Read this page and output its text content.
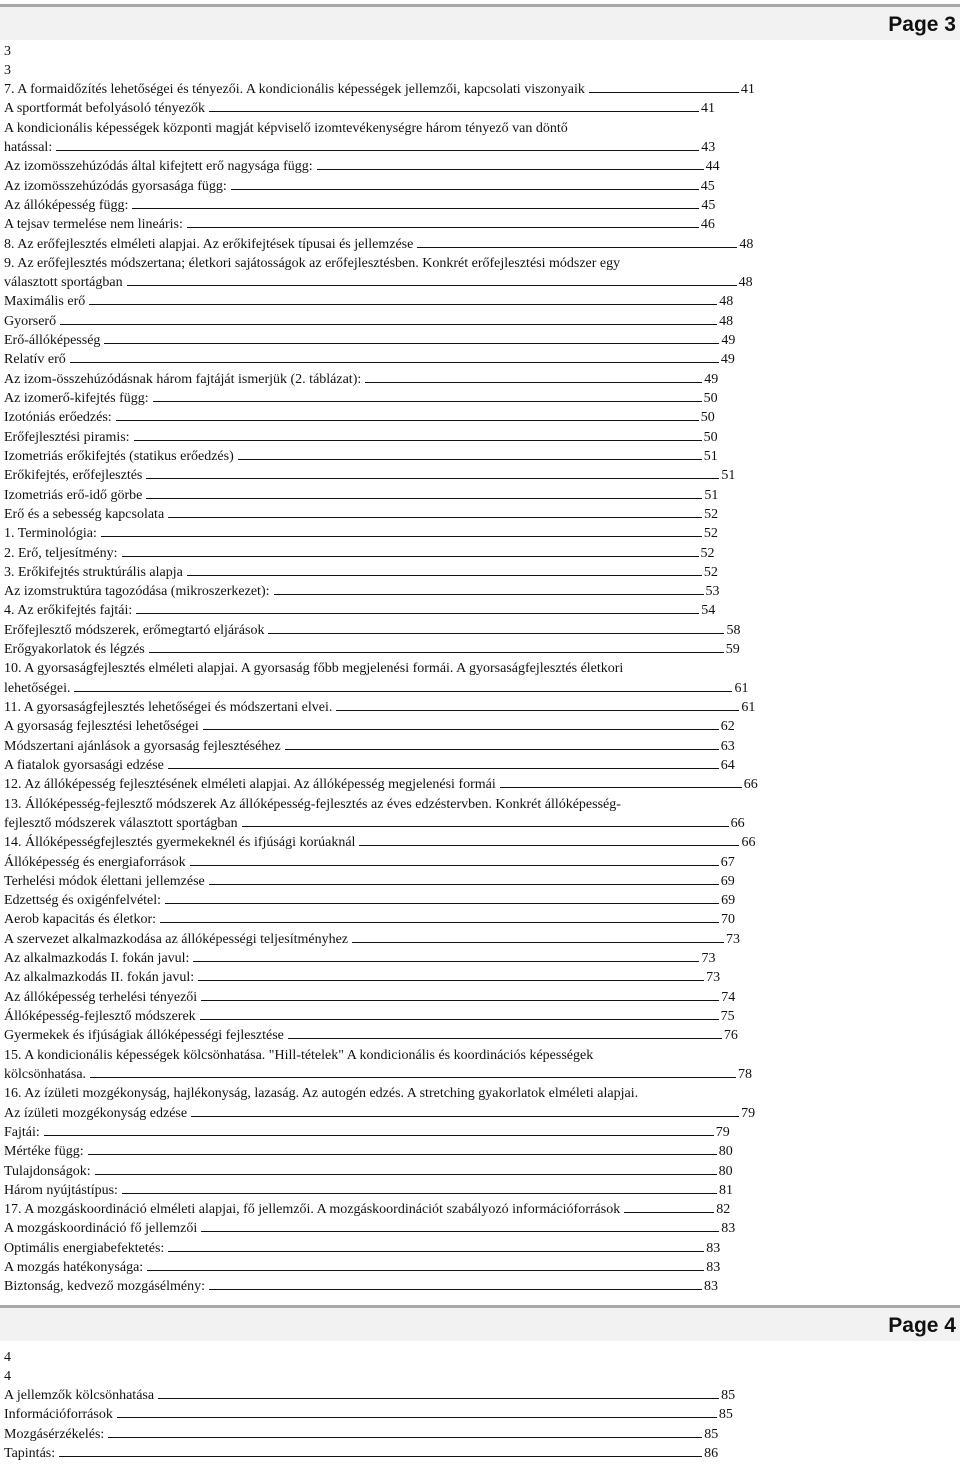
Page 3
3
3
7. A formaidőzítés lehetőségei és tényezői. A kondicionális képességek jellemzői, kapcsolati viszonyaik	41
A sportformát befolyásoló tényezők	41
A kondicionális képességek központi magját képviselő izomtevékenységre három tényező van döntő
hatással:	43
Az izomösszehúzódás által kifejtett erő nagysága függ:	44
Az izomösszehúzódás gyorsasága függ:	45
Az állóképesség függ:	45
A tejsav termelése nem lineáris:	46
8. Az erőfejlesztés elméleti alapjai. Az erőkifejtések típusai és jellemzése	48
9. Az erőfejlesztés módszertana; életkori sajátosságok az erőfejlesztésben. Konkrét erőfejlesztési módszer egy
választott sportágban	48
Maximális erő	48
Gyorserő	48
Erő-állóképesség	49
Relatív erő	49
Az izom-összehúzódásnak három fajtáját ismerjük (2. táblázat):	49
Az izomerő-kifejtés függ:	50
Izotóniás erőedzés:	50
Erőfejlesztési piramis:	50
Izometriás erőkifejtés (statikus erőedzés)	51
Erőkifejtés, erőfejlesztés	51
Izometriás erő-idő görbe	51
Erő és a sebesség kapcsolata	52
1. Terminológia:	52
2. Erő, teljesítmény:	52
3. Erőkifejtés struktúrális alapja	52
Az izomstruktúra tagozódása (mikroszerkezet):	53
4. Az erőkifejtés fajtái:	54
Erőfejlesztő módszerek, erőmegtartó eljárások	58
Erőgyakorlatok és légzés	59
10. A gyorsaságfejlesztés elméleti alapjai. A gyorsaság főbb megjelenési formái. A gyorsaságfejlesztés életkori
lehetőségei.	61
11. A gyorsaságfejlesztés lehetőségei és módszertani elvei.	61
A gyorsaság fejlesztési lehetőségei	62
Módszertani ajánlások a gyorsaság fejlesztéséhez	63
A fiatalok gyorsasági edzése	64
12. Az állóképesség fejlesztésének elméleti alapjai. Az állóképesség megjelenési formái	66
13. Állóképesség-fejlesztő módszerek Az állóképesség-fejlesztés az éves edzéstervben. Konkrét állóképesség-
fejlesztő módszerek választott sportágban	66
14. Állóképességfejlesztés gyermekeknél és ifjúsági korúaknál	66
Állóképesség és energiaforrások	67
Terhelési módok élettani jellemzése	69
Edzettség és oxigénfelvétel:	69
Aerob kapacitás és életkor:	70
A szervezet alkalmazkodása az állóképességi teljesítményhez	73
Az alkalmazkodás I. fokán javul:	73
Az alkalmazkodás II. fokán javul:	73
Az állóképesség terhelési tényezői	74
Állóképesség-fejlesztő módszerek	75
Gyermekek és ifjúságiak állóképességi fejlesztése	76
15. A kondicionális képességek kölcsönhatása. "Hill-tételek" A kondicionális és koordinációs képességek
kölcsönhatása.	78
16. Az ízületi mozgékonyság, hajlékonyság, lazaság. Az autogén edzés. A stretching gyakorlatok elméleti alapjai.
Az ízületi mozgékonyság edzése	79
Fajtái:	79
Mértéke függ:	80
Tulajdonságok:	80
Három nyújtástípus:	81
17. A mozgáskoordináció elméleti alapjai, fő jellemzői. A mozgáskoordinációt szabályozó információforrások	82
A mozgáskoordináció fő jellemzői	83
Optimális energiabefektetés:	83
A mozgás hatékonysága:	83
Biztonság, kedvező mozgásélmény:	83
Page 4
4
4
A jellemzők kölcsönhatása	85
Információforrások	85
Mozgásérzékelés:	85
Tapintás:	86
